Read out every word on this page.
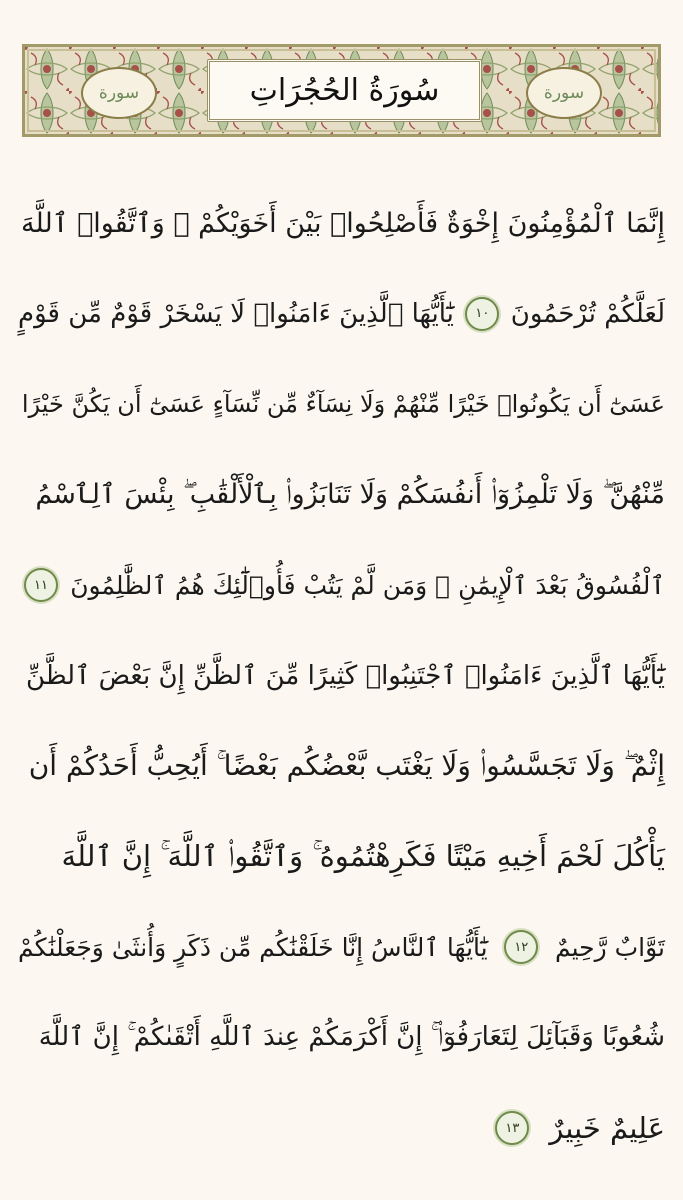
سورة	سورة
سُورَةُ الحُجُرَاتِ
إِنَّمَا ٱلْمُؤْمِنُونَ إِخْوَةٌ فَأَصْلِحُوا۟ بَيْنَ أَخَوَيْكُمْ ۚ وَٱتَّقُوا۟ ٱللَّهَ
لَعَلَّكُمْ تُرْحَمُونَ
١٠
يَٰٓأَيُّهَا ٱلَّذِينَ ءَامَنُوا۟ لَا يَسْخَرْ قَوْمٌ مِّن قَوْمٍ
عَسَىٰٓ أَن يَكُونُوا۟ خَيْرًا مِّنْهُمْ وَلَا نِسَآءٌ مِّن نِّسَآءٍ عَسَىٰٓ أَن يَكُنَّ خَيْرًا
مِّنْهُنَّ ۖ وَلَا تَلْمِزُوٓا۟ أَنفُسَكُمْ وَلَا تَنَابَزُوا۟ بِٱلْأَلْقَٰبِ ۖ بِئْسَ ٱلِٱسْمُ
ٱلْفُسُوقُ بَعْدَ ٱلْإِيمَٰنِ ۚ وَمَن لَّمْ يَتُبْ فَأُو۟لَٰٓئِكَ هُمُ ٱلظَّٰلِمُونَ
١١
يَٰٓأَيُّهَا ٱلَّذِينَ ءَامَنُوا۟ ٱجْتَنِبُوا۟ كَثِيرًا مِّنَ ٱلظَّنِّ إِنَّ بَعْضَ ٱلظَّنِّ
إِثْمٌ ۖ وَلَا تَجَسَّسُوا۟ وَلَا يَغْتَب بَّعْضُكُم بَعْضًا ۚ أَيُحِبُّ أَحَدُكُمْ أَن
يَأْكُلَ لَحْمَ أَخِيهِ مَيْتًا فَكَرِهْتُمُوهُ ۚ وَٱتَّقُوا۟ ٱللَّهَ ۚ إِنَّ ٱللَّهَ
تَوَّابٌ رَّحِيمٌ
١٢
يَٰٓأَيُّهَا ٱلنَّاسُ إِنَّا خَلَقْنَٰكُم مِّن ذَكَرٍ وَأُنثَىٰ وَجَعَلْنَٰكُمْ
شُعُوبًا وَقَبَآئِلَ لِتَعَارَفُوٓا۟ ۚ إِنَّ أَكْرَمَكُمْ عِندَ ٱللَّهِ أَتْقَىٰكُمْ ۚ إِنَّ ٱللَّهَ
عَلِيمٌ خَبِيرٌ
١٣
